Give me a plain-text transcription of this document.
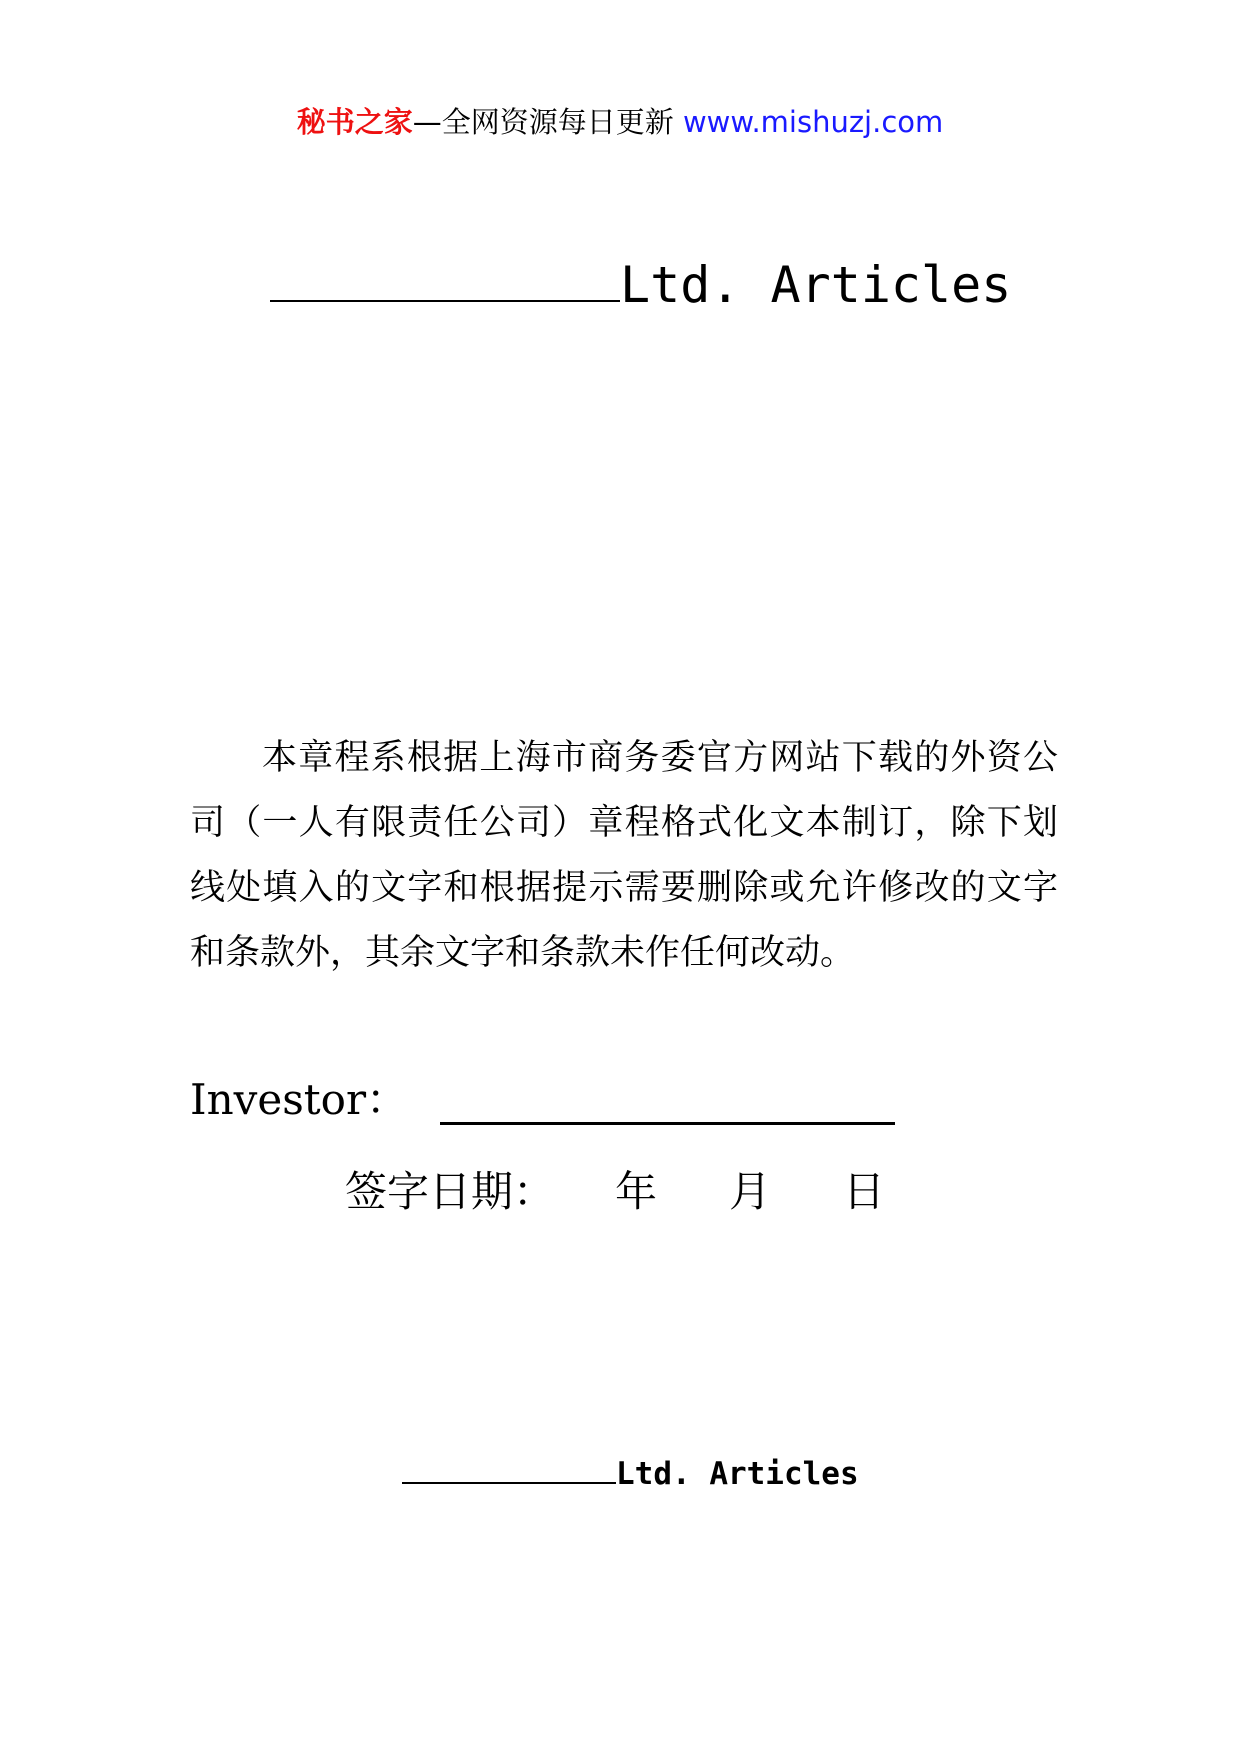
秘书之家—全网资源每日更新 www.mishuzj.com
Ltd. Articles
本章程系根据上海市商务委官方网站下载的外资公司（一人有限责任公司）章程格式化文本制订，除下划线处填入的文字和根据提示需要删除或允许修改的文字和条款外，其余文字和条款未作任何改动。
Investor：
签字日期： 年 月 日
Ltd. Articles
